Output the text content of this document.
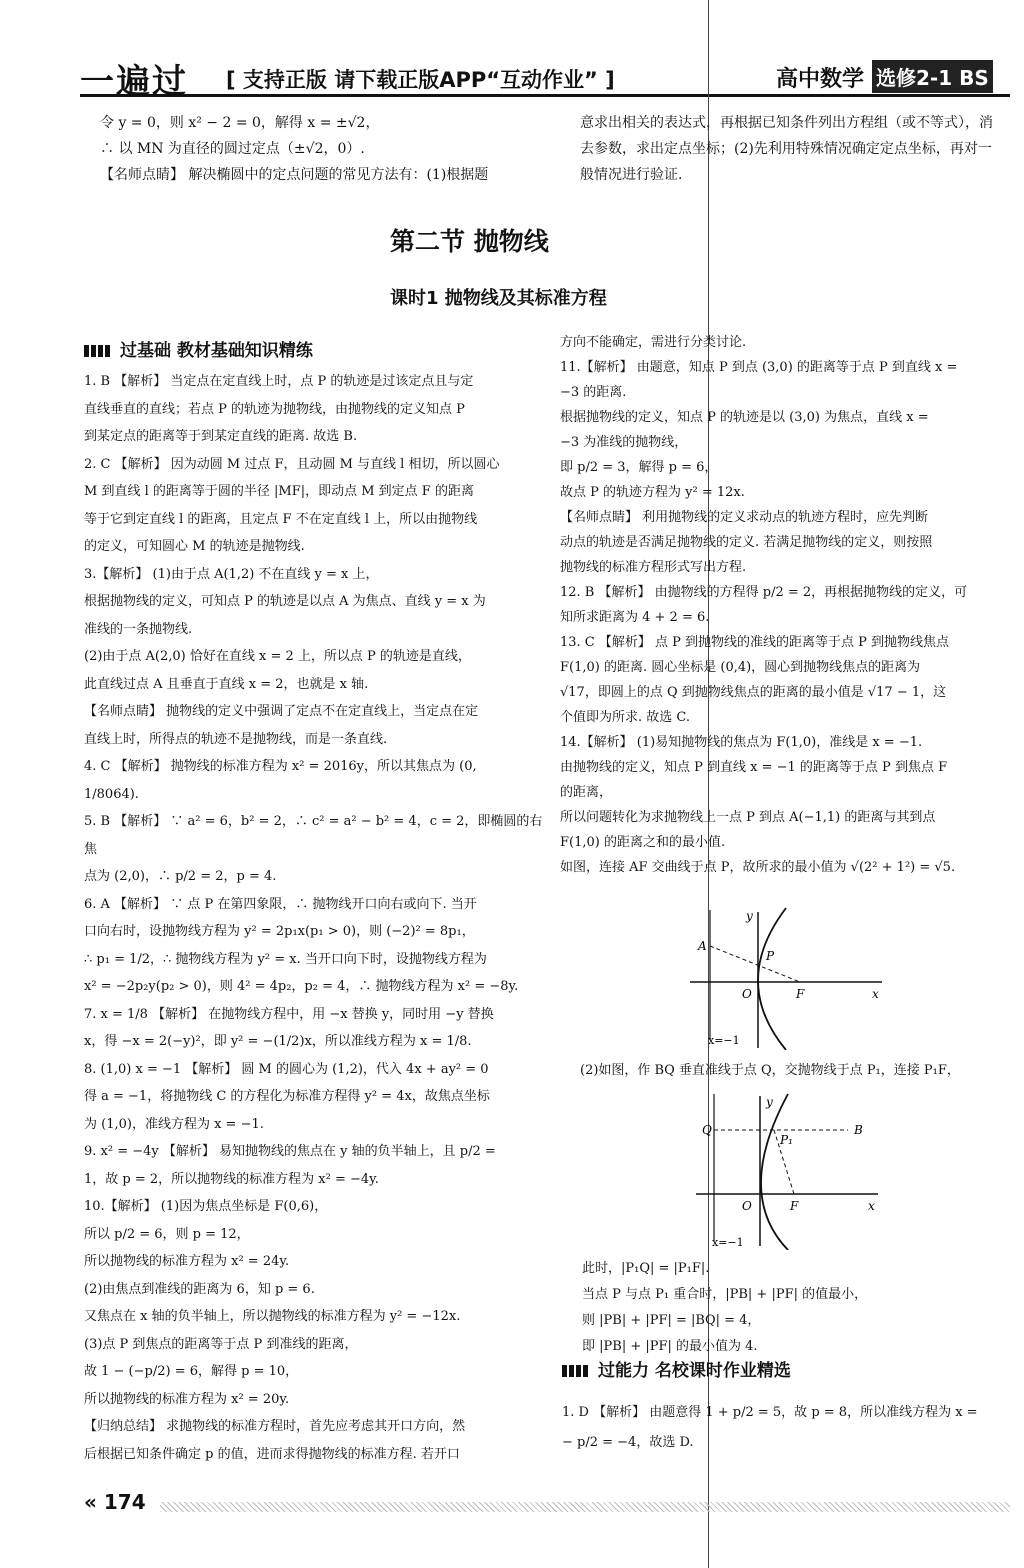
一遍过 [ 支持正版 请下载正版APP“互动作业” ]	高中数学 选修2-1 BS

令 y = 0，则 x² − 2 = 0，解得 x = ±√2，

∴ 以 MN 为直径的圆过定点（±√2，0）.

【名师点睛】 解决椭圆中的定点问题的常见方法有：(1)根据题

意求出相关的表达式，再根据已知条件列出方程组（或不等式），消

去参数，求出定点坐标；(2)先利用特殊情况确定定点坐标，再对一

般情况进行验证.

第二节 抛物线
课时1 抛物线及其标准方程
过基础 教材基础知识精练

1. B 【解析】 当定点在定直线上时，点 P 的轨迹是过该定点且与定

直线垂直的直线；若点 P 的轨迹为抛物线，由抛物线的定义知点 P

到某定点的距离等于到某定直线的距离. 故选 B.

2. C 【解析】 因为动圆 M 过点 F，且动圆 M 与直线 l 相切，所以圆心

M 到直线 l 的距离等于圆的半径 |MF|，即动点 M 到定点 F 的距离

等于它到定直线 l 的距离，且定点 F 不在定直线 l 上，所以由抛物线

的定义，可知圆心 M 的轨迹是抛物线.

3.【解析】 (1)由于点 A(1,2) 不在直线 y = x 上，

根据抛物线的定义，可知点 P 的轨迹是以点 A 为焦点、直线 y = x 为

准线的一条抛物线.

(2)由于点 A(2,0) 恰好在直线 x = 2 上，所以点 P 的轨迹是直线，

此直线过点 A 且垂直于直线 x = 2，也就是 x 轴.

【名师点睛】 抛物线的定义中强调了定点不在定直线上，当定点在定

直线上时，所得点的轨迹不是抛物线，而是一条直线.

4. C 【解析】 抛物线的标准方程为 x² = 2016y，所以其焦点为 (0,

1/8064).

5. B 【解析】 ∵ a² = 6，b² = 2，∴ c² = a² − b² = 4，c = 2，即椭圆的右焦

点为 (2,0)，∴ p/2 = 2，p = 4.

6. A 【解析】 ∵ 点 P 在第四象限，∴ 抛物线开口向右或向下. 当开

口向右时，设抛物线方程为 y² = 2p₁x(p₁ > 0)，则 (−2)² = 8p₁，

∴ p₁ = 1/2，∴ 抛物线方程为 y² = x. 当开口向下时，设抛物线方程为

x² = −2p₂y(p₂ > 0)，则 4² = 4p₂，p₂ = 4，∴ 抛物线方程为 x² = −8y.

7. x = 1/8 【解析】 在抛物线方程中，用 −x 替换 y，同时用 −y 替换

x，得 −x = 2(−y)²，即 y² = −(1/2)x，所以准线方程为 x = 1/8.

8. (1,0) x = −1 【解析】 圆 M 的圆心为 (1,2)，代入 4x + ay² = 0

得 a = −1，将抛物线 C 的方程化为标准方程得 y² = 4x，故焦点坐标

为 (1,0)，准线方程为 x = −1.

9. x² = −4y 【解析】 易知抛物线的焦点在 y 轴的负半轴上，且 p/2 =

1，故 p = 2，所以抛物线的标准方程为 x² = −4y.

10.【解析】 (1)因为焦点坐标是 F(0,6)，

所以 p/2 = 6，则 p = 12，

所以抛物线的标准方程为 x² = 24y.

(2)由焦点到准线的距离为 6，知 p = 6.

又焦点在 x 轴的负半轴上，所以抛物线的标准方程为 y² = −12x.

(3)点 P 到焦点的距离等于点 P 到准线的距离，

故 1 − (−p/2) = 6，解得 p = 10，

所以抛物线的标准方程为 x² = 20y.

【归纳总结】 求抛物线的标准方程时，首先应考虑其开口方向，然

后根据已知条件确定 p 的值，进而求得抛物线的标准方程. 若开口

方向不能确定，需进行分类讨论.

11.【解析】 由题意，知点 P 到点 (3,0) 的距离等于点 P 到直线 x =

−3 的距离.

根据抛物线的定义，知点 P 的轨迹是以 (3,0) 为焦点，直线 x =

−3 为准线的抛物线，

即 p/2 = 3，解得 p = 6，

故点 P 的轨迹方程为 y² = 12x.

【名师点睛】 利用抛物线的定义求动点的轨迹方程时，应先判断

动点的轨迹是否满足抛物线的定义. 若满足抛物线的定义，则按照

抛物线的标准方程形式写出方程.

12. B 【解析】 由抛物线的方程得 p/2 = 2，再根据抛物线的定义，可

知所求距离为 4 + 2 = 6.

13. C 【解析】 点 P 到抛物线的准线的距离等于点 P 到抛物线焦点

F(1,0) 的距离. 圆心坐标是 (0,4)，圆心到抛物线焦点的距离为

√17，即圆上的点 Q 到抛物线焦点的距离的最小值是 √17 − 1，这

个值即为所求. 故选 C.

14.【解析】 (1)易知抛物线的焦点为 F(1,0)，准线是 x = −1.

由抛物线的定义，知点 P 到直线 x = −1 的距离等于点 P 到焦点 F

的距离，

所以问题转化为求抛物线上一点 P 到点 A(−1,1) 的距离与其到点

F(1,0) 的距离之和的最小值.

如图，连接 AF 交曲线于点 P，故所求的最小值为 √(2² + 1²) = √5.

y
A
P
O	F	x
x=−1

(2)如图，作 BQ 垂直准线于点 Q，交抛物线于点 P₁，连接 P₁F，

y
Q
P₁
B
O	F	x
x=−1

此时，|P₁Q| = |P₁F|.

当点 P 与点 P₁ 重合时，|PB| + |PF| 的值最小，

则 |PB| + |PF| = |BQ| = 4，

即 |PB| + |PF| 的最小值为 4.

过能力 名校课时作业精选

1. D 【解析】 由题意得 1 + p/2 = 5，故 p = 8，所以准线方程为 x =

− p/2 = −4，故选 D.

« 174
